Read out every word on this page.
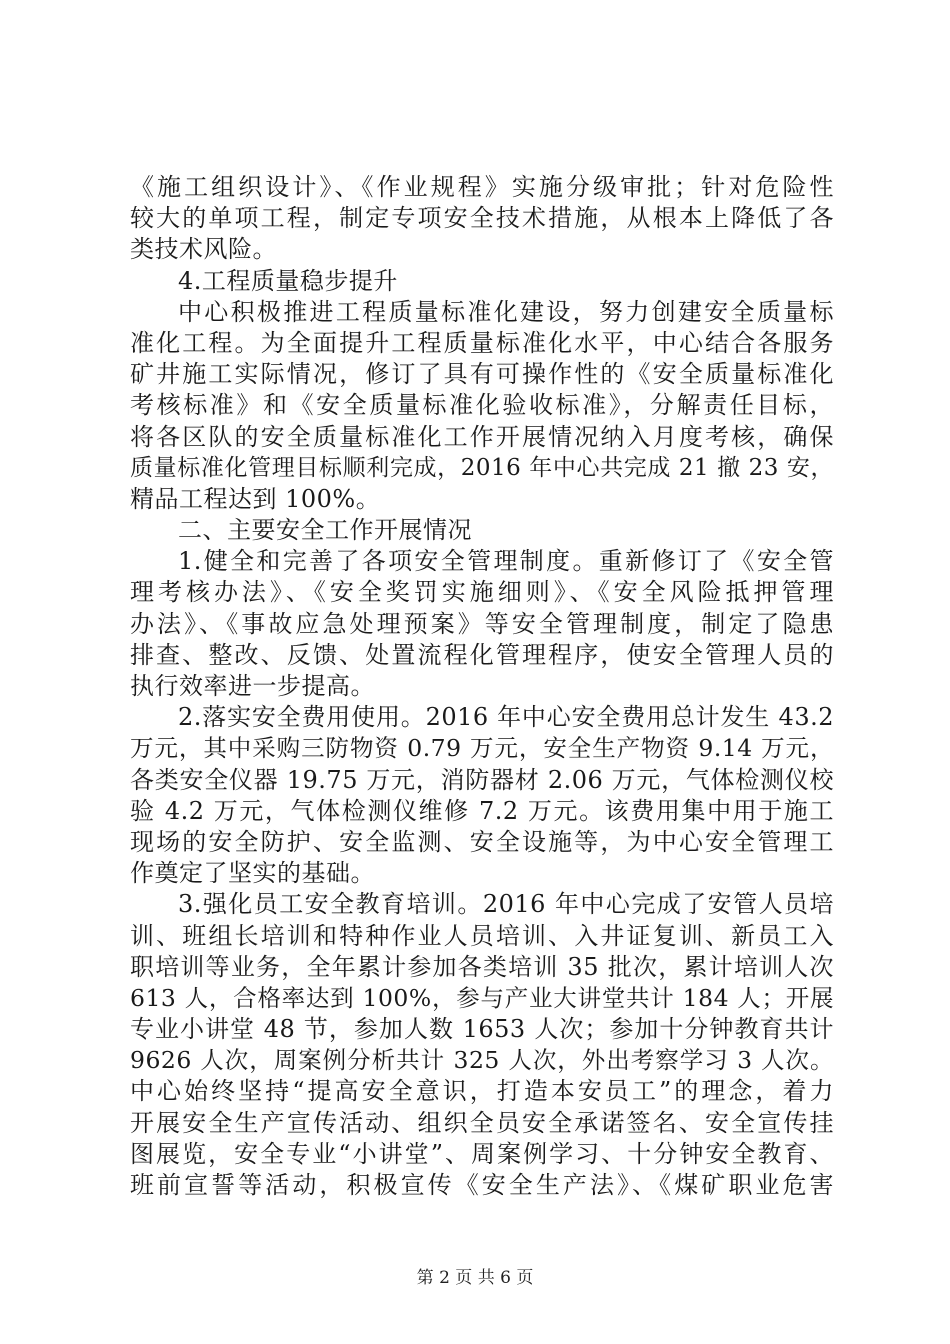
《施工组织设计》、《作业规程》实施分级审批；针对危险性
较大的单项工程，制定专项安全技术措施，从根本上降低了各
类技术风险。
4.工程质量稳步提升
中心积极推进工程质量标准化建设，努力创建安全质量标
准化工程。为全面提升工程质量标准化水平，中心结合各服务
矿井施工实际情况，修订了具有可操作性的《安全质量标准化
考核标准》和《安全质量标准化验收标准》，分解责任目标，
将各区队的安全质量标准化工作开展情况纳入月度考核，确保
质量标准化管理目标顺利完成，2016 年中心共完成 21 撤 23 安，
精品工程达到 100%。
二、主要安全工作开展情况
1.健全和完善了各项安全管理制度。重新修订了《安全管
理考核办法》、《安全奖罚实施细则》、《安全风险抵押管理
办法》、《事故应急处理预案》等安全管理制度，制定了隐患
排查、整改、反馈、处置流程化管理程序，使安全管理人员的
执行效率进一步提高。
2.落实安全费用使用。2016 年中心安全费用总计发生 43.2
万元，其中采购三防物资 0.79 万元，安全生产物资 9.14 万元，
各类安全仪器 19.75 万元，消防器材 2.06 万元，气体检测仪校
验 4.2 万元，气体检测仪维修 7.2 万元。该费用集中用于施工
现场的安全防护、安全监测、安全设施等，为中心安全管理工
作奠定了坚实的基础。
3.强化员工安全教育培训。2016 年中心完成了安管人员培
训、班组长培训和特种作业人员培训、入井证复训、新员工入
职培训等业务，全年累计参加各类培训 35 批次，累计培训人次
613 人，合格率达到 100%，参与产业大讲堂共计 184 人；开展
专业小讲堂 48 节，参加人数 1653 人次；参加十分钟教育共计
9626 人次，周案例分析共计 325 人次，外出考察学习 3 人次。
中心始终坚持“提高安全意识，打造本安员工”的理念，着力
开展安全生产宣传活动、组织全员安全承诺签名、安全宣传挂
图展览，安全专业“小讲堂”、周案例学习、十分钟安全教育、
班前宣誓等活动，积极宣传《安全生产法》、《煤矿职业危害
第 2 页 共 6 页
